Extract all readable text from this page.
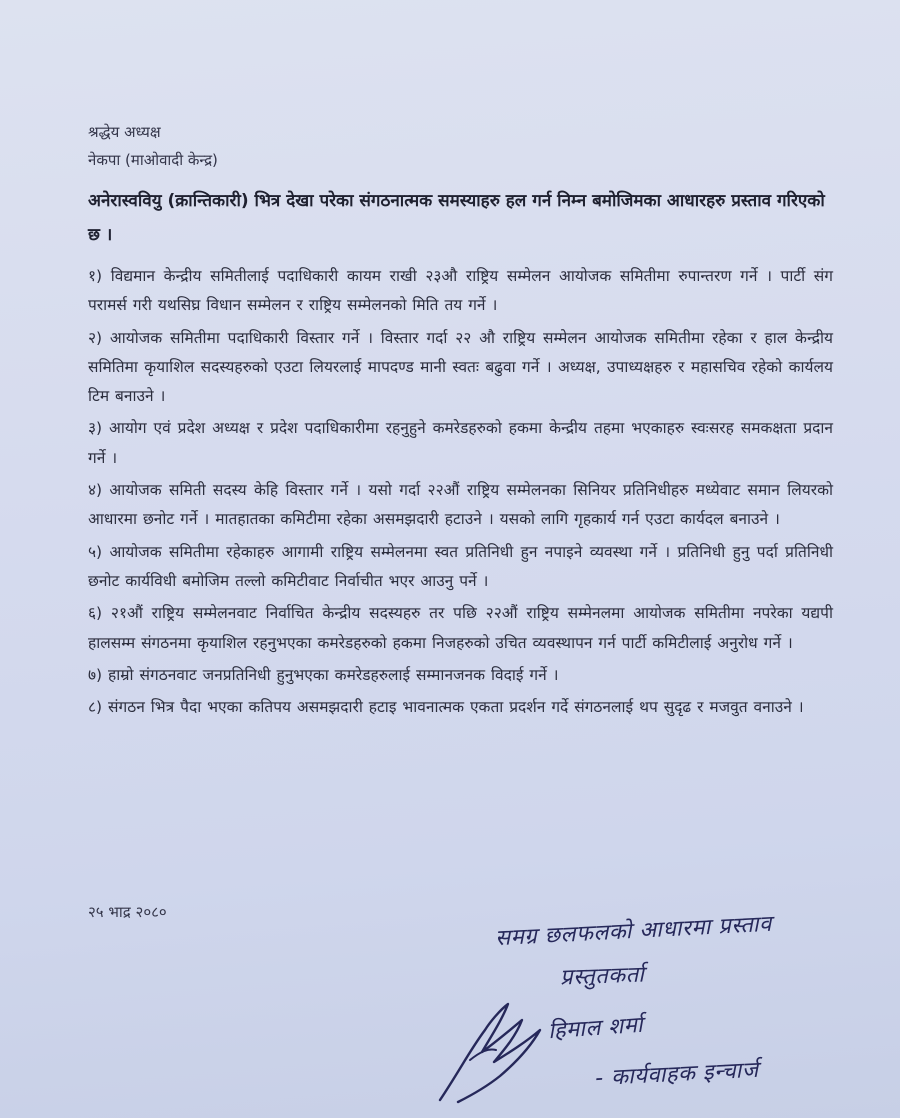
श्रद्धेय अध्यक्ष
नेकपा (माओवादी केन्द्र)
अनेरास्ववियु (क्रान्तिकारी) भित्र देखा परेका संगठनात्मक समस्याहरु हल गर्न निम्न बमोजिमका आधारहरु प्रस्ताव गरिएको छ ।

१) विद्यमान केन्द्रीय समितीलाई पदाधिकारी कायम राखी २३औ राष्ट्रिय सम्मेलन आयोजक समितीमा रुपान्तरण गर्ने । पार्टी संग परामर्स गरी यथसिघ्र विधान सम्मेलन र राष्ट्रिय सम्मेलनको मिति तय गर्ने ।

२) आयोजक समितीमा पदाधिकारी विस्तार गर्ने । विस्तार गर्दा २२ औ राष्ट्रिय सम्मेलन आयोजक समितीमा रहेका र हाल केन्द्रीय समितिमा कृयाशिल सदस्यहरुको एउटा लियरलाई मापदण्ड मानी स्वतः बढुवा गर्ने । अध्यक्ष, उपाध्यक्षहरु र महासचिव रहेको कार्यलय टिम बनाउने ।

३) आयोग एवं प्रदेश अध्यक्ष र प्रदेश पदाधिकारीमा रहनुहुने कमरेडहरुको हकमा केन्द्रीय तहमा भएकाहरु स्वःसरह समकक्षता प्रदान गर्ने ।

४) आयोजक समिती सदस्य केहि विस्तार गर्ने । यसो गर्दा २२औं राष्ट्रिय सम्मेलनका सिनियर प्रतिनिधीहरु मध्येवाट समान लियरको आधारमा छनोट गर्ने । मातहातका कमिटीमा रहेका असमझदारी हटाउने । यसको लागि गृहकार्य गर्न एउटा कार्यदल बनाउने ।

५) आयोजक समितीमा रहेकाहरु आगामी राष्ट्रिय सम्मेलनमा स्वत प्रतिनिधी हुन नपाइने व्यवस्था गर्ने । प्रतिनिधी हुनु पर्दा प्रतिनिधी छनोट कार्यविधी बमोजिम तल्लो कमिटीवाट निर्वाचीत भएर आउनु पर्ने ।

६) २१औं राष्ट्रिय सम्मेलनवाट निर्वाचित केन्द्रीय सदस्यहरु तर पछि २२औं राष्ट्रिय सम्मेनलमा आयोजक समितीमा नपरेका यद्यपी हालसम्म संगठनमा कृयाशिल रहनुभएका कमरेडहरुको हकमा निजहरुको उचित व्यवस्थापन गर्न पार्टी कमिटीलाई अनुरोध गर्ने ।

७) हाम्रो संगठनवाट जनप्रतिनिधी हुनुभएका कमरेडहरुलाई सम्मानजनक विदाई गर्ने ।

८) संगठन भित्र पैदा भएका कतिपय असमझदारी हटाइ भावनात्मक एकता प्रदर्शन गर्दे संगठनलाई थप सुदृढ र मजवुत वनाउने ।

२५ भाद्र २०८०	समग्र छलफलको आधारमा प्रस्ताव
प्रस्तुतकर्ता
हिमाल शर्मा
- कार्यवाहक इन्चार्ज
